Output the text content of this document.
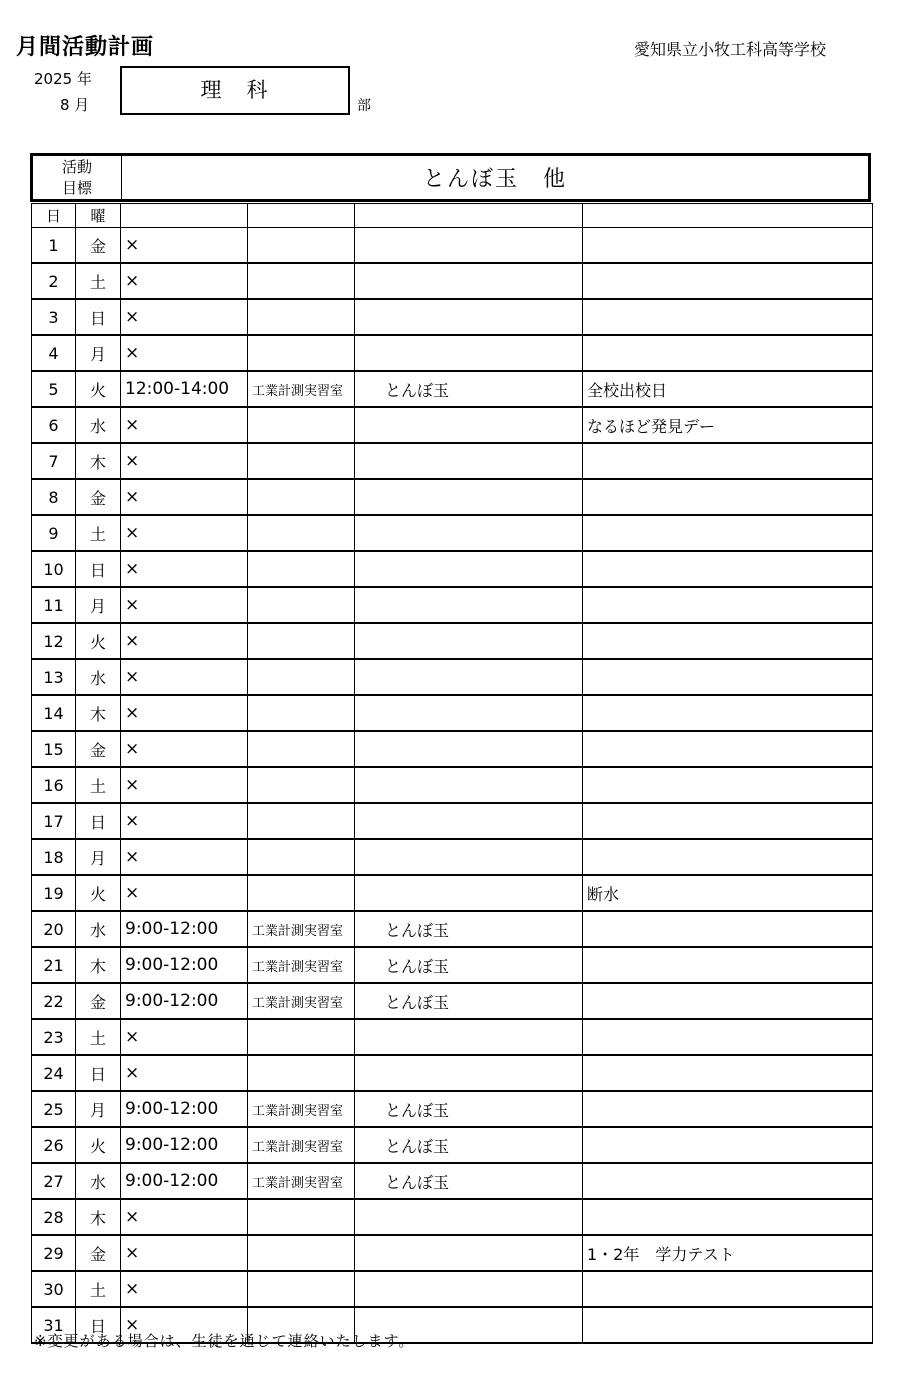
月間活動計画	愛知県立小牧工科高等学校
2025 年
8 月
理　科
部
活動
目標	とんぼ玉　他
日	曜				
1	金	×			
2	土	×			
3	日	×			
4	月	×			
5	火	12:00-14:00	工業計測実習室	とんぼ玉	全校出校日
6	水	×			なるほど発見デー
7	木	×			
8	金	×			
9	土	×			
10	日	×			
11	月	×			
12	火	×			
13	水	×			
14	木	×			
15	金	×			
16	土	×			
17	日	×			
18	月	×			
19	火	×			断水
20	水	9:00-12:00	工業計測実習室	とんぼ玉	
21	木	9:00-12:00	工業計測実習室	とんぼ玉	
22	金	9:00-12:00	工業計測実習室	とんぼ玉	
23	土	×			
24	日	×			
25	月	9:00-12:00	工業計測実習室	とんぼ玉	
26	火	9:00-12:00	工業計測実習室	とんぼ玉	
27	水	9:00-12:00	工業計測実習室	とんぼ玉	
28	木	×			
29	金	×			1・2年　学力テスト
30	土	×			
31	日	×			
※変更がある場合は、生徒を通じて連絡いたします。
